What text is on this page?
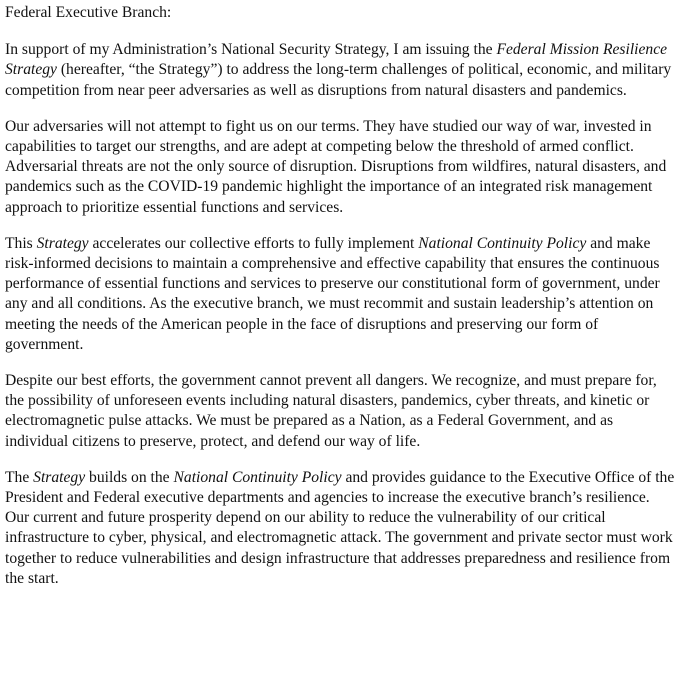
Federal Executive Branch:
In support of my Administration’s National Security Strategy, I am issuing the Federal Mission Resilience Strategy (hereafter, “the Strategy”) to address the long-term challenges of political, economic, and military competition from near peer adversaries as well as disruptions from natural disasters and pandemics.
Our adversaries will not attempt to fight us on our terms. They have studied our way of war, invested in capabilities to target our strengths, and are adept at competing below the threshold of armed conflict. Adversarial threats are not the only source of disruption. Disruptions from wildfires, natural disasters, and pandemics such as the COVID-19 pandemic highlight the importance of an integrated risk management approach to prioritize essential functions and services.
This Strategy accelerates our collective efforts to fully implement National Continuity Policy and make risk-informed decisions to maintain a comprehensive and effective capability that ensures the continuous performance of essential functions and services to preserve our constitutional form of government, under any and all conditions. As the executive branch, we must recommit and sustain leadership’s attention on meeting the needs of the American people in the face of disruptions and preserving our form of government.
Despite our best efforts, the government cannot prevent all dangers. We recognize, and must prepare for, the possibility of unforeseen events including natural disasters, pandemics, cyber threats, and kinetic or electromagnetic pulse attacks. We must be prepared as a Nation, as a Federal Government, and as individual citizens to preserve, protect, and defend our way of life.
The Strategy builds on the National Continuity Policy and provides guidance to the Executive Office of the President and Federal executive departments and agencies to increase the executive branch’s resilience. Our current and future prosperity depend on our ability to reduce the vulnerability of our critical infrastructure to cyber, physical, and electromagnetic attack. The government and private sector must work together to reduce vulnerabilities and design infrastructure that addresses preparedness and resilience from the start.
